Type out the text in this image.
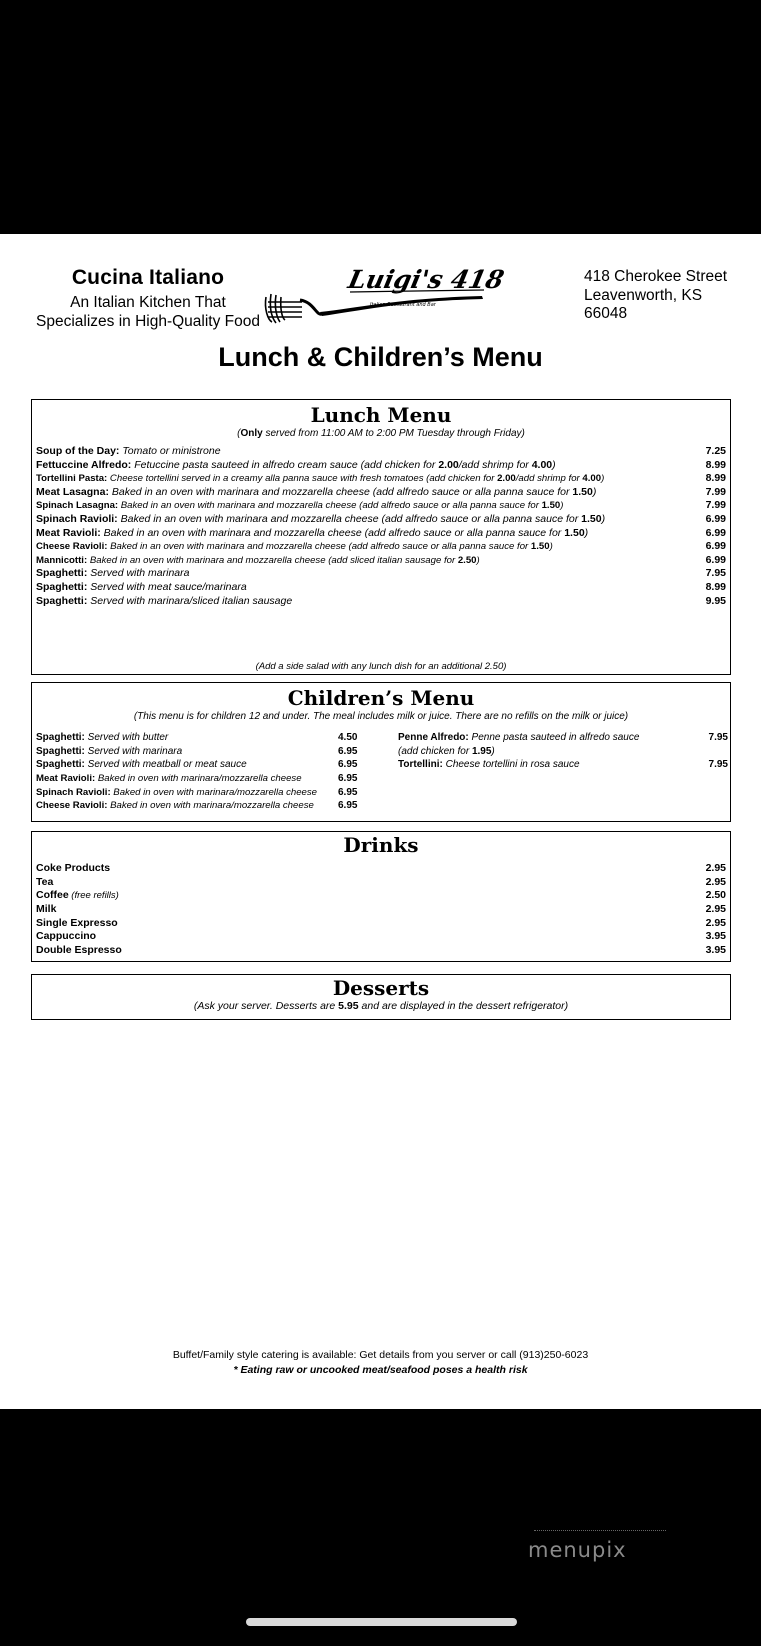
Cucina Italiano
An Italian Kitchen That
Specializes in High-Quality Food
Luigi's 418
Italian Restaurant and Bar
418 Cherokee Street
Leavenworth, KS
66048
Lunch & Children’s Menu
Lunch Menu
(Only served from 11:00 AM to 2:00 PM Tuesday through Friday)
Soup of the Day: Tomato or ministrone	7.25
Fettuccine Alfredo: Fetuccine pasta sauteed in alfredo cream sauce (add chicken for 2.00/add shrimp for 4.00)	8.99
Tortellini Pasta: Cheese tortellini served in a creamy alla panna sauce with fresh tomatoes (add chicken for 2.00/add shrimp for 4.00)	8.99
Meat Lasagna: Baked in an oven with marinara and mozzarella cheese (add alfredo sauce or alla panna sauce for 1.50)	7.99
Spinach Lasagna: Baked in an oven with marinara and mozzarella cheese (add alfredo sauce or alla panna sauce for 1.50)	7.99
Spinach Ravioli: Baked in an oven with marinara and mozzarella cheese (add alfredo sauce or alla panna sauce for 1.50)	6.99
Meat Ravioli: Baked in an oven with marinara and mozzarella cheese (add alfredo sauce or alla panna sauce for 1.50)	6.99
Cheese Ravioli: Baked in an oven with marinara and mozzarella cheese (add alfredo sauce or alla panna sauce for 1.50)	6.99
Mannicotti: Baked in an oven with marinara and mozzarella cheese (add sliced italian sausage for 2.50)	6.99
Spaghetti: Served with marinara	7.95
Spaghetti: Served with meat sauce/marinara	8.99
Spaghetti: Served with marinara/sliced italian sausage	9.95
(Add a side salad with any lunch dish for an additional 2.50)
Children’s Menu
(This menu is for children 12 and under. The meal includes milk or juice. There are no refills on the milk or juice)
Spaghetti: Served with butter	4.50
Spaghetti: Served with marinara	6.95
Spaghetti: Served with meatball or meat sauce	6.95
Meat Ravioli: Baked in oven with marinara/mozzarella cheese	6.95
Spinach Ravioli: Baked in oven with marinara/mozzarella cheese 6.95
Cheese Ravioli: Baked in oven with marinara/mozzarella cheese 6.95
Penne Alfredo: Penne pasta sauteed in alfredo sauce	7.95
(add chicken for 1.95)
Tortellini: Cheese tortellini in rosa sauce	7.95
Drinks
Coke Products	2.95
Tea	2.95
Coffee (free refills)	2.50
Milk	2.95
Single Expresso	2.95
Cappuccino	3.95
Double Espresso	3.95
Desserts
(Ask your server. Desserts are 5.95 and are displayed in the dessert refrigerator)
Buffet/Family style catering is available: Get details from you server or call (913)250-6023
* Eating raw or uncooked meat/seafood poses a health risk
menupix
